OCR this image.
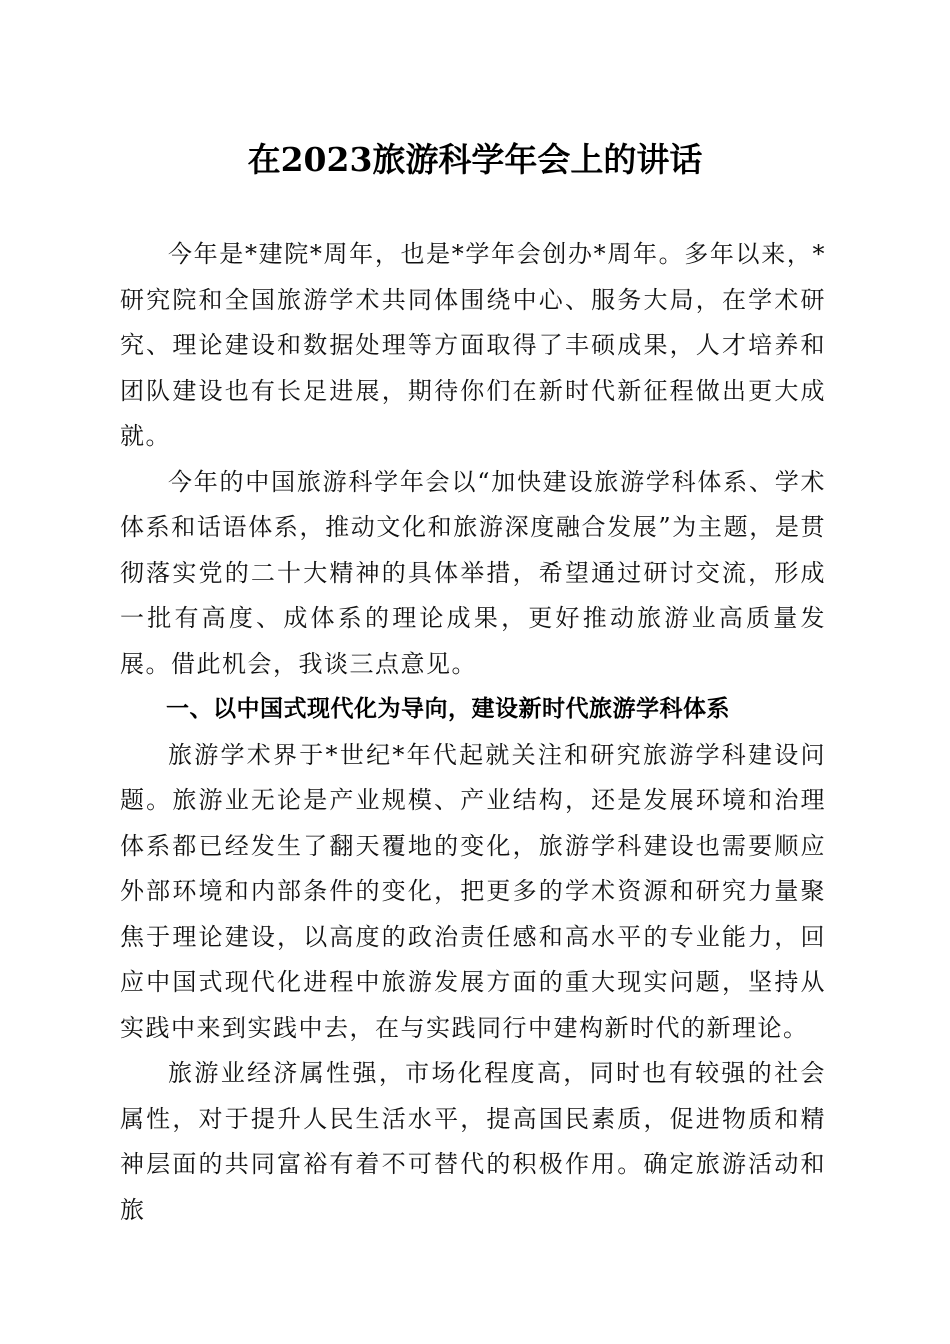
在2023旅游科学年会上的讲话

今年是*建院*周年，也是*学年会创办*周年。多年以来，*研究院和全国旅游学术共同体围绕中心、服务大局，在学术研究、理论建设和数据处理等方面取得了丰硕成果，人才培养和团队建设也有长足进展，期待你们在新时代新征程做出更大成就。

今年的中国旅游科学年会以“加快建设旅游学科体系、学术体系和话语体系，推动文化和旅游深度融合发展”为主题，是贯彻落实党的二十大精神的具体举措，希望通过研讨交流，形成一批有高度、成体系的理论成果，更好推动旅游业高质量发展。借此机会，我谈三点意见。

一、以中国式现代化为导向，建设新时代旅游学科体系

旅游学术界于*世纪*年代起就关注和研究旅游学科建设问题。旅游业无论是产业规模、产业结构，还是发展环境和治理体系都已经发生了翻天覆地的变化，旅游学科建设也需要顺应外部环境和内部条件的变化，把更多的学术资源和研究力量聚焦于理论建设，以高度的政治责任感和高水平的专业能力，回应中国式现代化进程中旅游发展方面的重大现实问题，坚持从实践中来到实践中去，在与实践同行中建构新时代的新理论。

旅游业经济属性强，市场化程度高，同时也有较强的社会属性，对于提升人民生活水平，提高国民素质，促进物质和精神层面的共同富裕有着不可替代的积极作用。确定旅游活动和旅
